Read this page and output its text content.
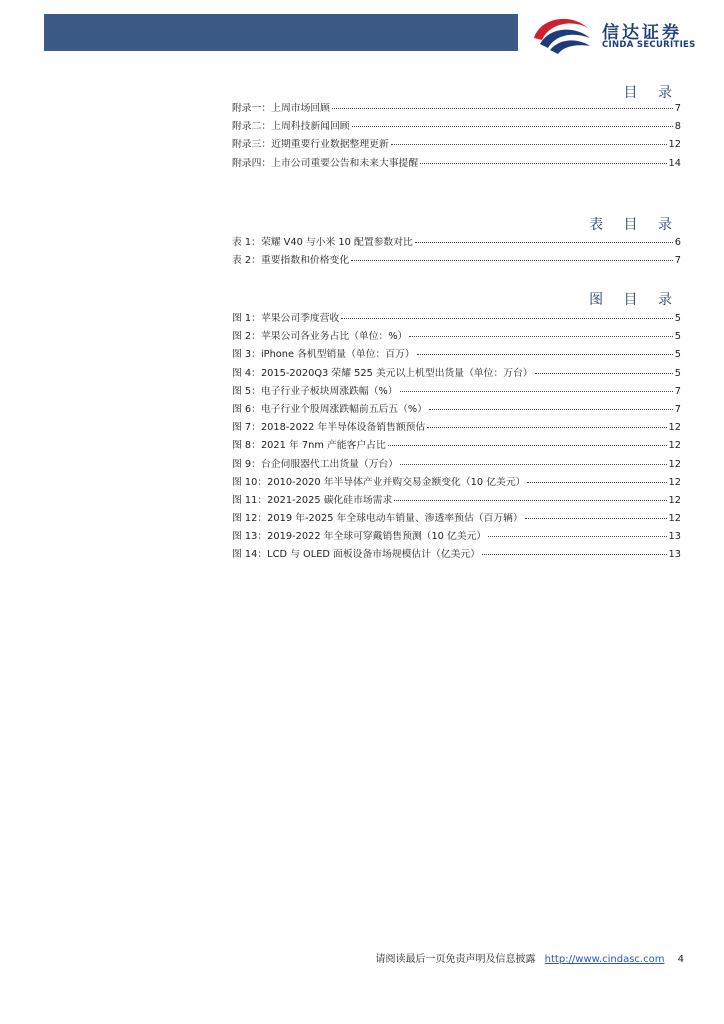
信达证券
CINDA SECURITIES
目 录
附录一：上周市场回顾	7
附录二：上周科技新闻回顾	8
附录三：近期重要行业数据整理更新	12
附录四：上市公司重要公告和未来大事提醒	14
表 目 录
表 1：荣耀 V40 与小米 10 配置参数对比	6
表 2：重要指数和价格变化	7
图 目 录
图 1：苹果公司季度营收	5
图 2：苹果公司各业务占比（单位：%）	5
图 3：iPhone 各机型销量（单位：百万）	5
图 4：2015-2020Q3 荣耀 525 美元以上机型出货量（单位：万台）	5
图 5：电子行业子板块周涨跌幅（%）	7
图 6：电子行业个股周涨跌幅前五后五（%）	7
图 7：2018-2022 年半导体设备销售额预估	12
图 8：2021 年 7nm 产能客户占比	12
图 9：台企伺服器代工出货量（万台）	12
图 10：2010-2020 年半导体产业并购交易金额变化（10 亿美元）	12
图 11：2021-2025 碳化硅市场需求	12
图 12：2019 年-2025 年全球电动车销量、渗透率预估（百万辆）	12
图 13：2019-2022 年全球可穿戴销售预测（10 亿美元）	13
图 14：LCD 与 OLED 面板设备市场规模估计（亿美元）	13
请阅读最后一页免责声明及信息披露 http://www.cindasc.com 4
